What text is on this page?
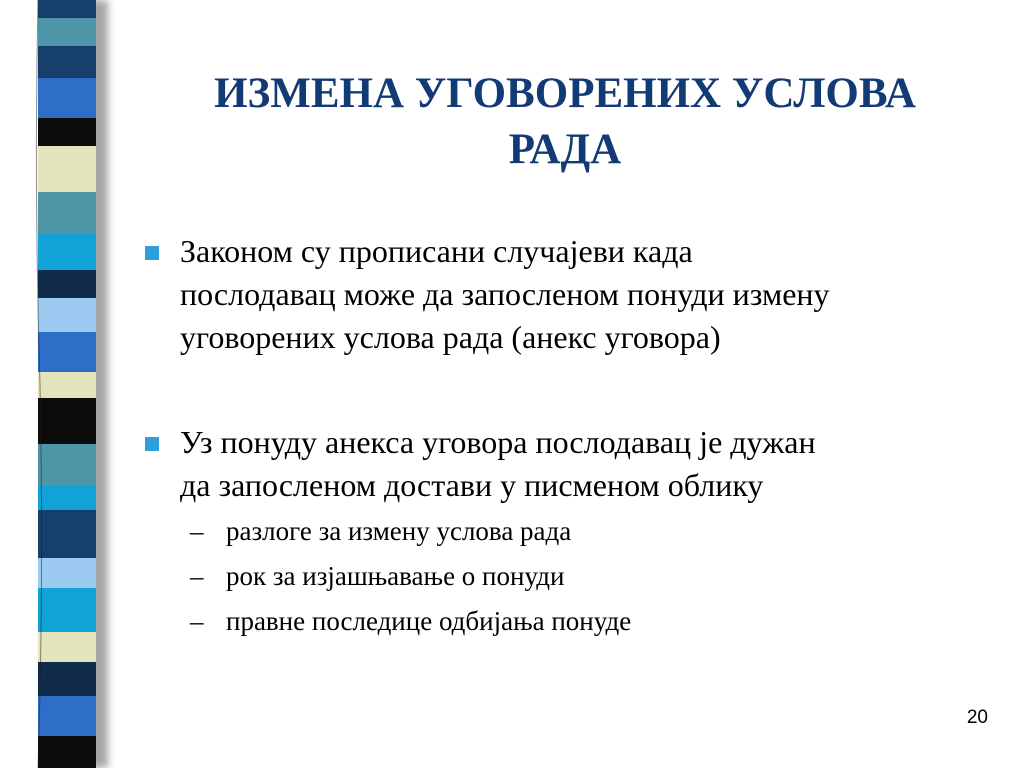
ИЗМЕНА УГОВОРЕНИХ УСЛОВА
РАДА
Законом су прописани случајеви када
послодавац може да запосленом понуди измену
уговорених услова рада (анекс уговора)
Уз понуду анекса уговора послодавац је дужан
да запосленом достави у писменом облику
– разлоге за измену услова рада
– рок за изјашњавање о понуди
– правне последице одбијања понуде
20
